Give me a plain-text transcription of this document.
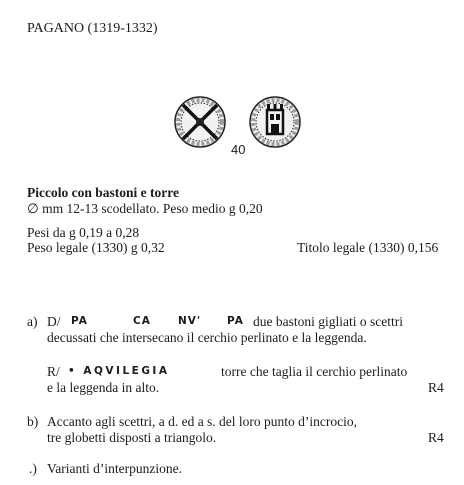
PAGANO (1319-1332)
40
Piccolo con bastoni e torre
∅ mm 12-13 scodellato. Peso medio g 0,20
Pesi da g 0,19 a 0,28
Peso legale (1330) g 0,32	Titolo legale (1330) 0,156
a) D/ PA	CA	NV' PA due bastoni gigliati o scettri
decussati che intersecano il cerchio perlinato e la leggenda.
R/ • AQVILEGIA	torre che taglia il cerchio perlinato
e la leggenda in alto.	R4
b) Accanto agli scettri, a d. ed a s. del loro punto d’incrocio,
tre globetti disposti a triangolo.	R4
.) Varianti d’interpunzione.
